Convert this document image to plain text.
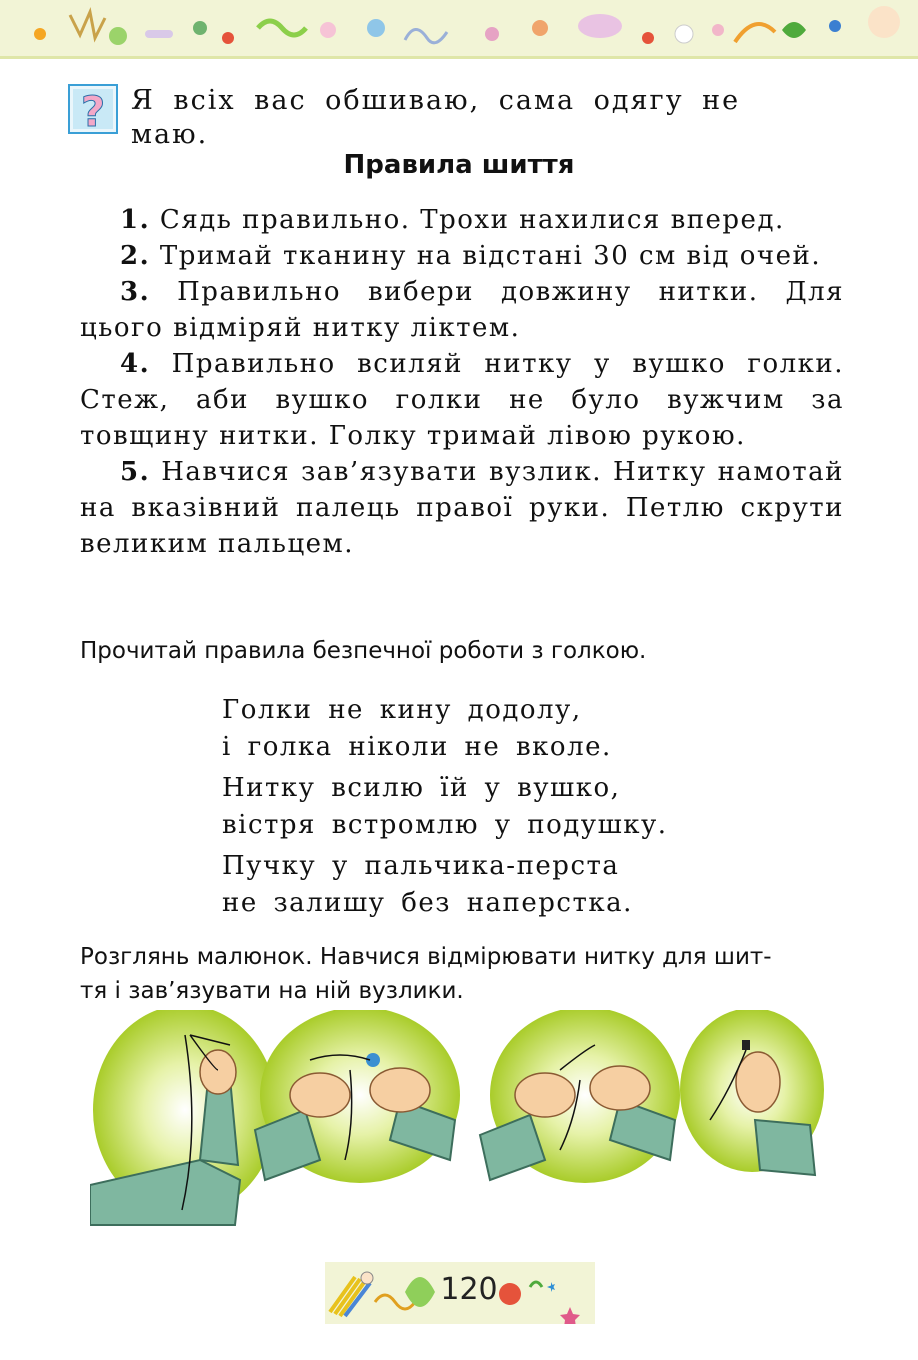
? Я всіх вас обшиваю, сама одягу не маю.
Правила шиття

1. Сядь правильно. Трохи нахилися вперед.

2. Тримай тканину на відстані 30 см від очей.

3. Правильно вибери довжину нитки. Для цього відміряй нитку ліктем.

4. Правильно всиляй нитку у вушко голки. Стеж, аби вушко голки не було вужчим за товщину нитки. Голку тримай лівою рукою.

5. Навчися зав’язувати вузлик. Нитку намотай на вказівний палець правої руки. Петлю скрути великим пальцем.

Прочитай правила безпечної роботи з голкою.
Голки не кину додолу,
і голка ніколи не вколе.
Нитку всилю їй у вушко,
вістря встромлю у подушку.
Пучку у пальчика-перста
не залишу без наперстка.
Розглянь малюнок. Навчися відмірювати нитку для шит-
тя і зав’язувати на ній вузлики.
120
